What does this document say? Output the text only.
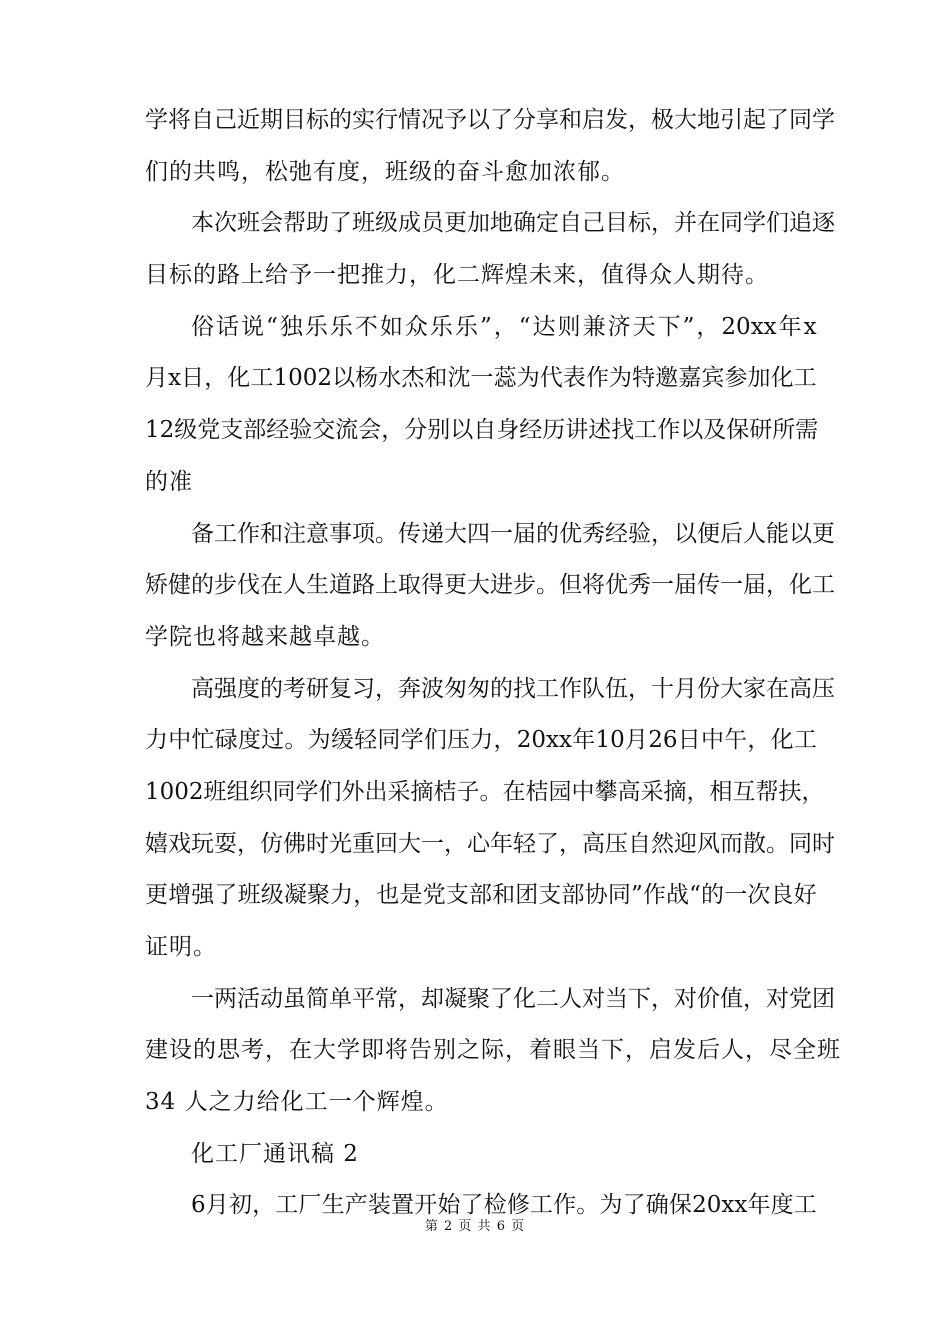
学 将 自 己 近 期 目 标 的 实 行 情 况 予 以 了 分 享 和 启 发 ， 极 大 地 引 起 了 同 学
们的共鸣，松弛有度，班级的奋斗愈加浓郁。
本 次 班 会 帮 助 了 班 级 成 员 更 加 地 确 定 自 己 目 标 ， 并 在 同 学 们 追 逐
目标的路上给予一把推力，化二辉煌未来，值得众人期待。
俗 话 说 “ 独 乐 乐 不 如 众 乐 乐 ” ， “ 达 则 兼 济 天 下 ” ， 20xx 年 x
月 x 日 ， 化 工 1002 以 杨 水 杰 和 沈 一 蕊 为 代 表 作 为 特 邀 嘉 宾 参 加 化 工
12 级 党 支 部 经 验 交 流 会 ， 分 别 以 自 身 经 历 讲 述 找 工 作 以 及 保 研 所 需
的准
备 工 作 和 注 意 事 项 。 传 递 大 四 一 届 的 优 秀 经 验 ， 以 便 后 人 能 以 更
矫 健 的 步 伐 在 人 生 道 路 上 取 得 更 大 进 步 。 但 将 优 秀 一 届 传 一 届 ， 化 工
学院也将越来越卓越。
高 强 度 的 考 研 复 习 ， 奔 波 匆 匆 的 找 工 作 队 伍 ， 十 月 份 大 家 在 高 压
力 中 忙 碌 度 过 。 为 缓 轻 同 学 们 压 力 ， 20xx 年 10 月 26 日 中 午 ， 化 工
1002 班 组 织 同 学 们 外 出 采 摘 桔 子 。 在 桔 园 中 攀 高 采 摘 ， 相 互 帮 扶 ，
嬉 戏 玩 耍 ， 仿 佛 时 光 重 回 大 一 ， 心 年 轻 了 ， 高 压 自 然 迎 风 而 散 。 同 时
更 增 强 了 班 级 凝 聚 力 ， 也 是 党 支 部 和 团 支 部 协 同 ” 作 战 “ 的 一 次 良 好
证明。
一 两 活 动 虽 简 单 平 常 ， 却 凝 聚 了 化 二 人 对 当 下 ， 对 价 值 ， 对 党 团
建设的思考，在大学即将告别之际，着眼当下，启发后人，尽全班
34 人之力给化工一个辉煌。
化工厂通讯稿 2
6 月 初 ， 工 厂 生 产 装 置 开 始 了 检 修 工 作 。 为 了 确 保 20xx 年 度 工
第 2 页 共 6 页
